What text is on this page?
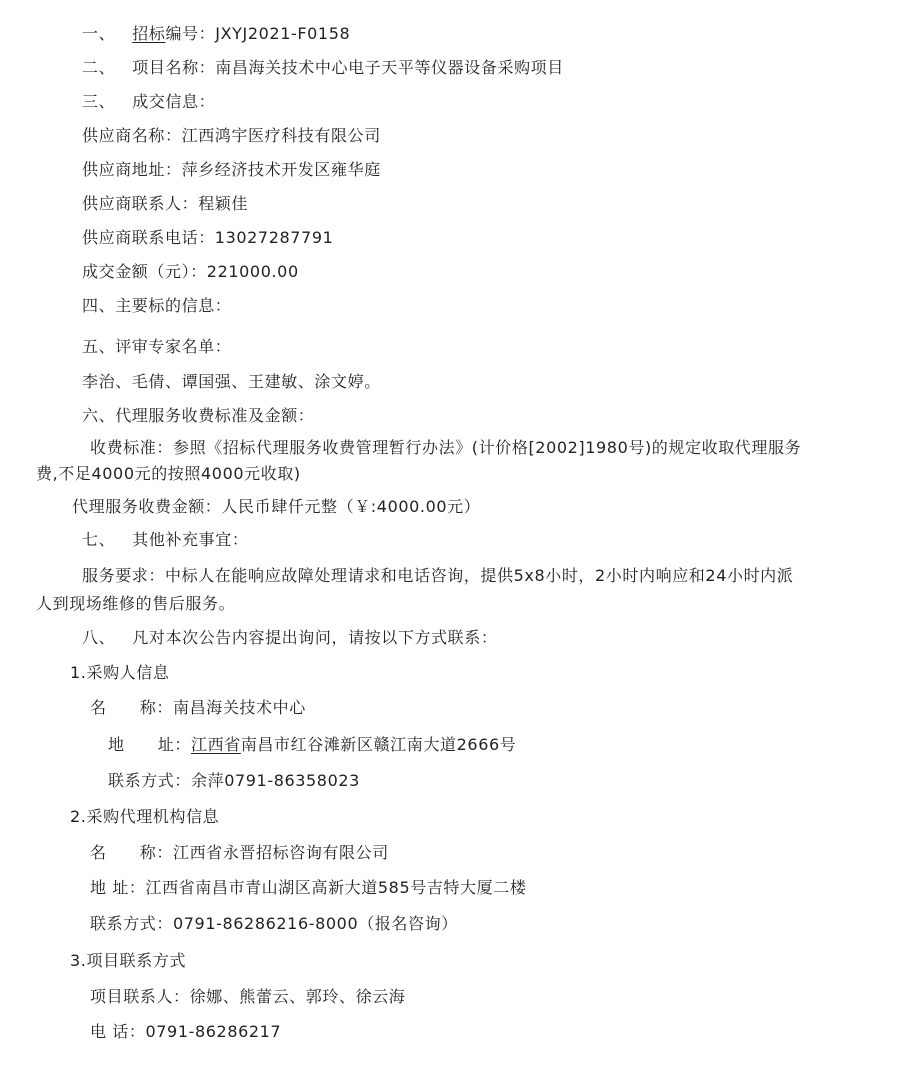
一、 招标编号：JXYJ2021-F0158
二、 项目名称：南昌海关技术中心电子天平等仪器设备采购项目
三、 成交信息：
供应商名称：江西鸿宇医疗科技有限公司
供应商地址：萍乡经济技术开发区雍华庭
供应商联系人：程颖佳
供应商联系电话：13027287791
成交金额（元）：221000.00
四、主要标的信息：
五、评审专家名单：
李治、毛倩、谭国强、王建敏、涂文婷。
六、代理服务收费标准及金额：
收费标准：参照《招标代理服务收费管理暂行办法》(计价格[2002]1980号)的规定收取代理服务
费,不足4000元的按照4000元收取)
代理服务收费金额：人民币肆仟元整（￥:4000.00元）
七、 其他补充事宜：
服务要求：中标人在能响应故障处理请求和电话咨询，提供5x8小时，2小时内响应和24小时内派
人到现场维修的售后服务。
八、 凡对本次公告内容提出询问，请按以下方式联系：
1.采购人信息
名　　称：南昌海关技术中心
地　　址：江西省南昌市红谷滩新区赣江南大道2666号
联系方式：余萍0791-86358023
2.采购代理机构信息
名　　称：江西省永晋招标咨询有限公司
地 址：江西省南昌市青山湖区高新大道585号吉特大厦二楼
联系方式：0791-86286216-8000（报名咨询）
3.项目联系方式
项目联系人：徐娜、熊蕾云、郭玲、徐云海
电 话：0791-86286217
